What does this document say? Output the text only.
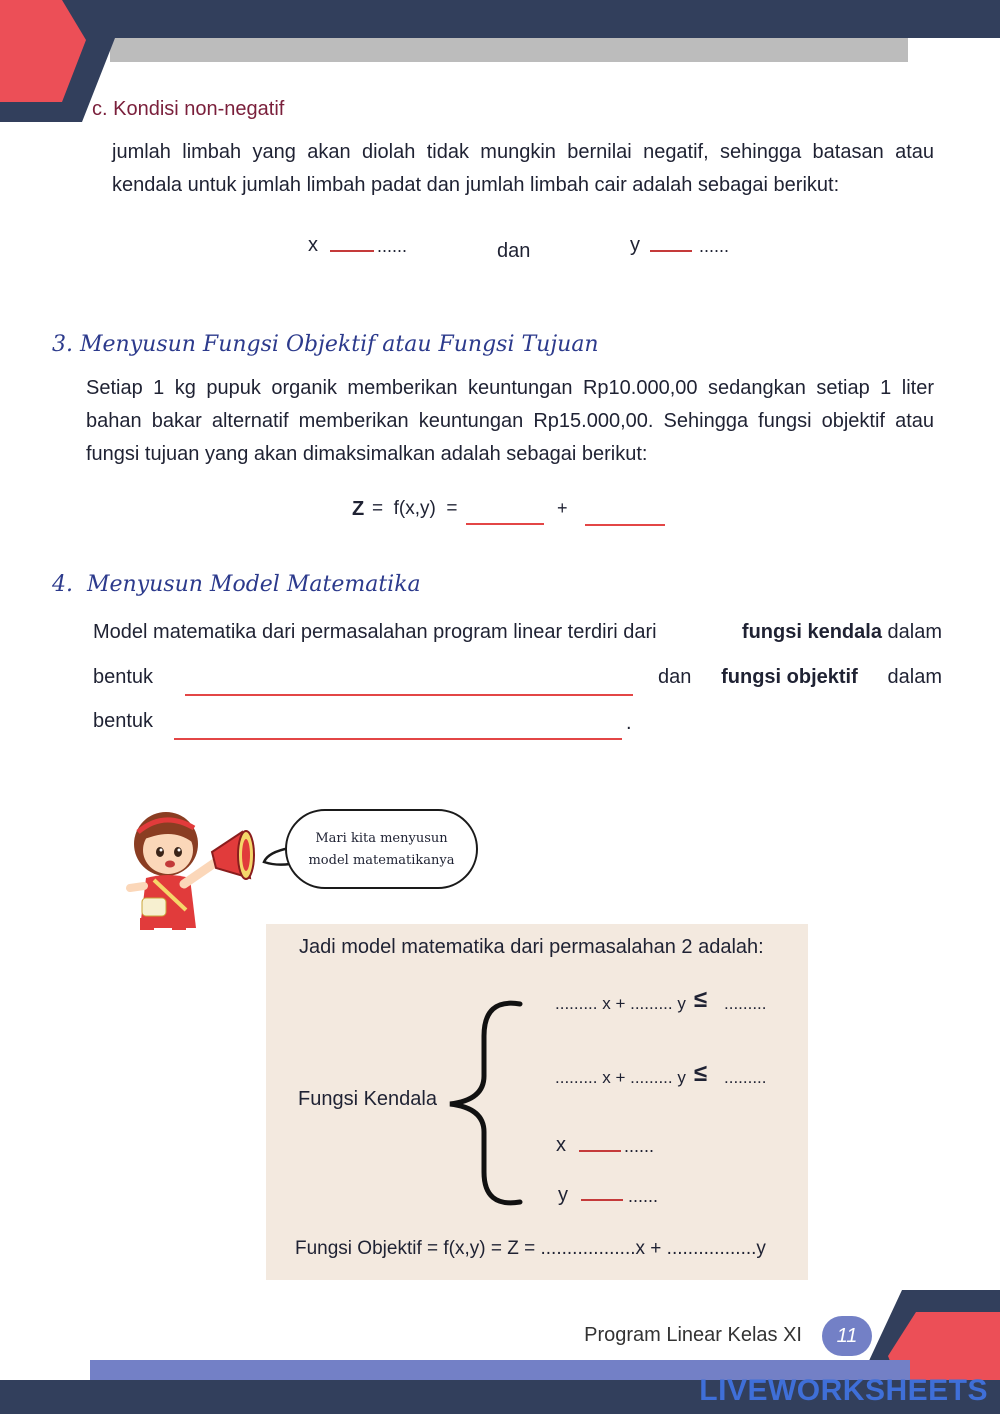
c. Kondisi non-negatif
jumlah limbah yang akan diolah tidak mungkin bernilai negatif, sehingga batasan atau kendala untuk jumlah limbah padat dan jumlah limbah cair adalah sebagai berikut:
x	......	dan	y	......
3. Menyusun Fungsi Objektif atau Fungsi Tujuan
Setiap 1 kg pupuk organik memberikan keuntungan Rp10.000,00 sedangkan setiap 1 liter bahan bakar alternatif memberikan keuntungan Rp15.000,00. Sehingga fungsi objektif atau fungsi tujuan yang akan dimaksimalkan adalah sebagai berikut:
Z =  f(x,y)  =	+
4. Menyusun Model Matematika
Model matematika dari permasalahan program linear terdiri dari	fungsi kendala dalam
bentuk	dan fungsi objektif dalam
bentuk	.
Mari kita menyusun
model matematikanya
Jadi model matematika dari permasalahan 2 adalah:
Fungsi Kendala
......... x + ......... y ≤ .........
......... x + ......... y ≤ .........
x	......
y	......
Fungsi Objektif = f(x,y) = Z = ..................x + .................y
Program Linear Kelas XI	11
LIVEWORKSHEETS
